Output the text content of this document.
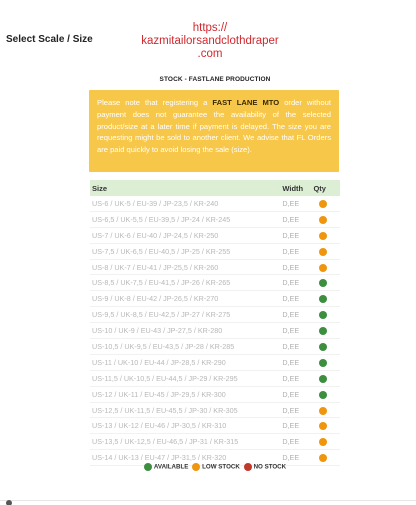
Select Scale / Size
https://
kazmitailorsandclothdraper
.com
STOCK - FASTLANE PRODUCTION
Please note that registering a FAST LANE MTO order without payment does not guarantee the availability of the selected product/size at a later time if payment is delayed. The size you are requesting might be sold to another client. We advise that FL Orders are paid quickly to avoid losing the sale (size).
Size	Width	Qty
US-6 / UK-5 / EU-39 / JP-23,5 / KR-240	D,EE	
US-6,5 / UK-5,5 / EU-39,5 / JP-24 / KR-245	D,EE	
US-7 / UK-6 / EU-40 / JP-24,5 / KR-250	D,EE	
US-7,5 / UK-6,5 / EU-40,5 / JP-25 / KR-255	D,EE	
US-8 / UK-7 / EU-41 / JP-25,5 / KR-260	D,EE	
US-8,5 / UK-7,5 / EU-41,5 / JP-26 / KR-265	D,EE	
US-9 / UK-8 / EU-42 / JP-26,5 / KR-270	D,EE	
US-9,5 / UK-8,5 / EU-42,5 / JP-27 / KR-275	D,EE	
US-10 / UK-9 / EU-43 / JP-27,5 / KR-280	D,EE	
US-10,5 / UK-9,5 / EU-43,5 / JP-28 / KR-285	D,EE	
US-11 / UK-10 / EU-44 / JP-28,5 / KR-290	D,EE	
US-11,5 / UK-10,5 / EU-44,5 / JP-29 / KR-295	D,EE	
US-12 / UK-11 / EU-45 / JP-29,5 / KR-300	D,EE	
US-12,5 / UK-11,5 / EU-45,5 / JP-30 / KR-305	D,EE	
US-13 / UK-12 / EU-46 / JP-30,5 / KR-310	D,EE	
US-13,5 / UK-12,5 / EU-46,5 / JP-31 / KR-315	D,EE	
US-14 / UK-13 / EU-47 / JP-31,5 / KR-320	D,EE	
AVAILABLE LOW STOCK NO STOCK
